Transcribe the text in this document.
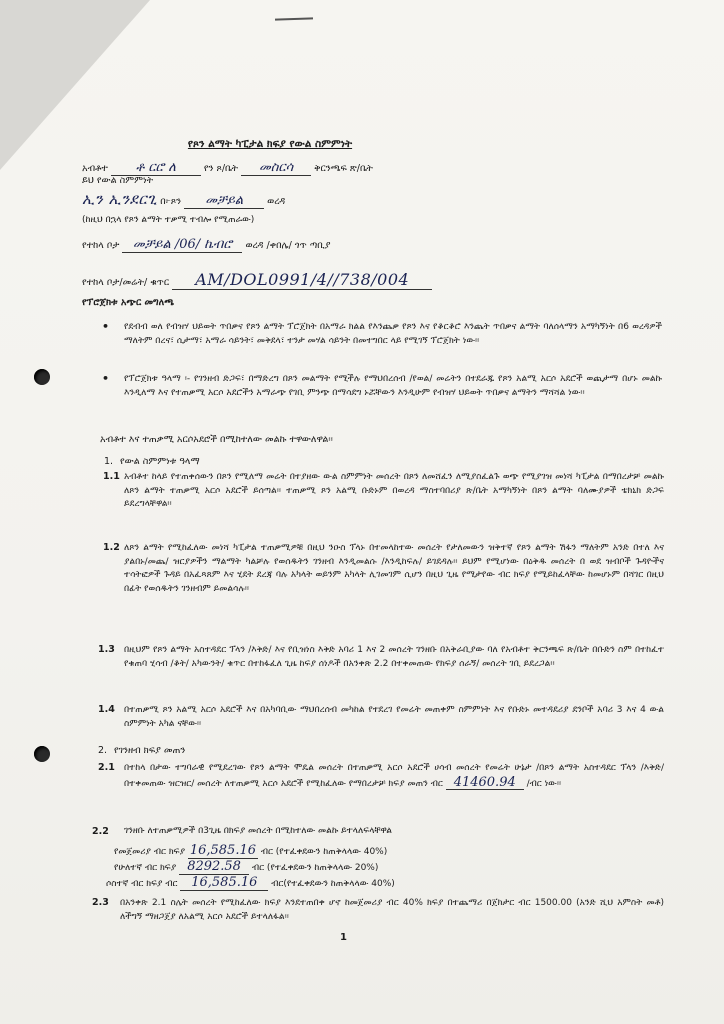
የጾን ልማት ካፒታል ክፍያ የውል ስምምነት
አብቶተ ቶ ርሮ ለ	የን ጾ/ቤት መስርሳ ቅርንጫፍ ጽ/ቤት
ይህ የውል ስምምነት
ኢን ኢንደርጊ በ፦ጾን መቻይል	ወረዳ
(ከዚህ በኋላ የጾን ልማት ተቃሚ ተብሎ የሚጠራው)
የተከላ ቦታ መቻይል /06/ ኬብሮ ወረዳ /ቀበሌ/ ጎጥ ጣቢያ
የተከላ ቦታ/መሬት/ ቁጥር AM/DOL0991/4//738/004
የፕሮጀክቱ አጭር መግለጫ
• የደብብ ወለ የብዝሃ ህይወት ጥበቃና የጾን ልማት ፕሮጀክት በአማራ ክልል የእንጨቃ የጾን እና የቆርቆሮ እንጨት ጥበቃና ልማት ባለሰላማን አማካኝነት በ6 ወረዳዎች ማለትም በረና፣ ሲታማ፣ አማራ ሳይንት፣ መቅደላ፣ ተንታ መሃል ሳይንት በመተግበር ላይ የሚገኝ ፕሮጀክት ነው፡፡
• የፕሮጀክቱ ዓላማ ፡- የገንዘብ ድጋፍ፣ በማድረግ በጾን መልማት የሚችሉ የማህበረሰብ /የወል/ መሬትን በተደራጁ የጾን አልሚ አርሶ አደሮች ወጪታማ በሆኑ መልኩ እንዲለማ እና የተጠቃሚ አርሶ አደሮችን አማራጭ የገቢ ምንጭ በማሳደግ ኑሯቸውን እንዲሁም የብዝሃ ህይወት ጥበቃና ልማትን ማሻሻል ነው፡፡
አብቶተ እና ተጠቃሚ አርሶአደሮች በሚከተለው መልኩ ተዋውለዋል፡፡
1. የውል ስምምነቱ ዓላማ
1.1 አብቶተ ከላይ የተጠቀሰውን በጾን የሚለማ መሬት በተያዘው ውል ስምምነት መሰረት በጾን ለመሸፈን ለሚያስፈልጉ ወጭ የሚያገዝ መነሻ ካፒታል በማበረታቻ መልኩ ለጾን ልማት ተጠቃሚ አርሶ አደሮች ይሰጣል፡፡ ተጠቃሚ ጾን አልሚ ቡድኑም በወረዳ ማስተባበሪያ ጽ/ቤት አማካኝነት በጾን ልማት ባለሙያዎች ቴክኒክ ድጋፍ ይደረግላቸዋል፡፡
1.2 ለጾን ልማት የሚከፈለው መነሻ ካፒታል ተጠቃሚዎቹ በዚህ ንዑስ ፕላኑ በተመላከተው መሰረት የታለመውን ዝቅተኛ የጾን ልማት ሽፋን ማለትም አንድ በተለ እና ያልበኑ/መጨ/ ዝርያዎችን ማልማት ካልቻሉ የወሰዱትን ገንዘብ እንዲመልሱ /እንዲከፍሉ/ ይገደዳሉ፡፡ ይህም የሚሆነው በዕቅዱ መሰረት በ ወደ ዝብቦች ጉዳዮችና ተሳትፎዎች ጉዳይ በአፈጻጸም እና ሂደት ደረጃ ባሉ አካላት ወይንም አካላት ሊገመገም ሲሆን በዚህ ጊዜ የሚታየው ብር ክፍያ የሚይከፈላቸው ከመሆኑም በሻገር በዚህ በፊት የወሰዱትን ገንዘብም ይመልሳሉ፡፡
1.3 በዚህም የጾን ልማት አስተዳደር ፕላን /እቅድ/ እና የቢዝነስ እቅድ አባሪ 1 እና 2 መሰረት ገንዘቡ በአቅራቢያው ባለ የአብቶተ ቅርንጫፍ ጽ/ቤት በቡድን ስም በተከፈተ የቁጠባ ሂሳብ /ቆት/ አካውንት/ ቁጥር በተከፋፈለ ጊዜ ከፍያ ሰነዶች በአንቀጽ 2.2 በተቀመጠው የክፍያ ሰራኝ/ መሰረት ገቢ ይደረጋል፡፡
1.4 በተጠቃሚ ጾን አልሚ አርሶ አደሮች እና በአካባቢው ማህበረሰብ መካከል የተደረገ የመሬት መጠቀም ስምምነት እና የቡድኑ መተዳደሪያ ደንቦች አባሪ 3 እና 4 ውል ስምምነት አካል ናቸው፡፡
2. የገንዘብ ክፍያ መጠን
2.1 በተከላ በታው ተግባራዊ የሚደረገው የጾን ልማት ሞዴል መሰረት በተጠቃሚ አርሶ አደሮች ሀሳብ መሰረት የመሬት ሁኔታ /በጾን ልማት አስተዳደር ፕላን /እቅድ/ በተቀመጠው ዝርዝር/ መሰረት ለተጠቃሚ አርሶ አደሮች የሚከፈለው የማበረታቻ ክፍያ መጠን ብር 41460.94 /ብር ነው፡፡
2.2 ገንዘቡ ለተጠቃሚዎች በ3ጊዜ በክፍያ መሰረት በሚከተለው መልኩ ይተላለፍላቸዋል
የመጀመሪያ ብር ክፍያ 16,585.16 ብር (የተፈቀደውን ከጠቅላላው 40%)
የሁለተኛ ብር ክፍያ 8292.58 ብር (የተፈቀደውን ከጠቅላላው 20%)
ሶስተኛ ብር ክፍያ ብር 16,585.16 ብር(የተፈቀደውን ከጠቅላላው 40%)
2.3 በአንቀጽ 2.1 ስሌት መሰረት የሚከፈለው ክፍያ እንደተጠበቀ ሆኖ ከመጀመሪያ ብር 40% ክፍያ በተጨማሪ በጀክታር ብር 1500.00 (አንድ ሺህ አምስት መቶ) ለችግኝ ማዘጋጀያ ለአልሚ አርሶ አደሮች ይተላለፋል፡፡
1
